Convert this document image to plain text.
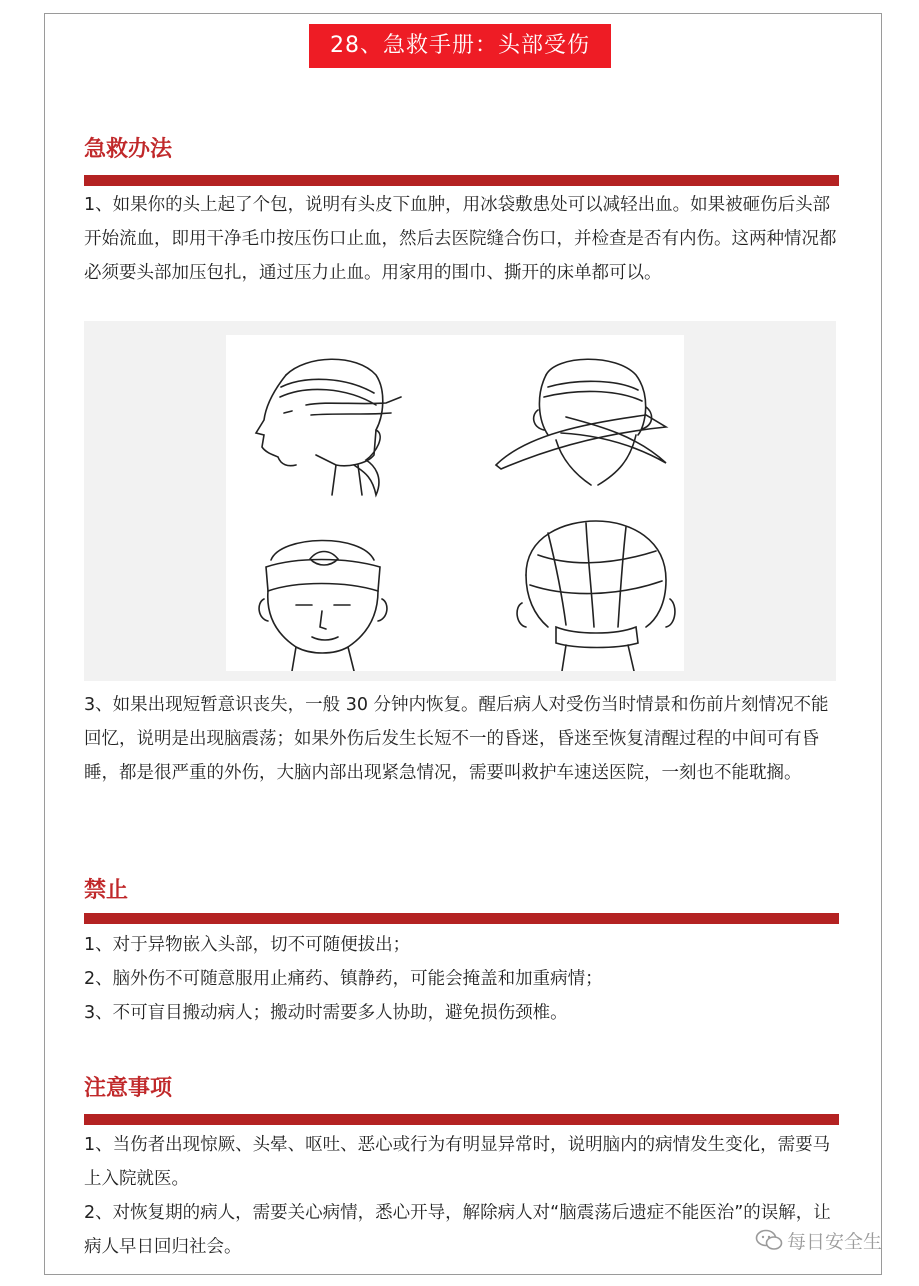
28、急救手册：头部受伤
急救办法

1、如果你的头上起了个包，说明有头皮下血肿，用冰袋敷患处可以减轻出血。如果被砸伤后头部开始流血，即用干净毛巾按压伤口止血，然后去医院缝合伤口，并检查是否有内伤。这两种情况都必须要头部加压包扎，通过压力止血。用家用的围巾、撕开的床单都可以。

3、如果出现短暂意识丧失，一般 30 分钟内恢复。醒后病人对受伤当时情景和伤前片刻情况不能回忆，说明是出现脑震荡；如果外伤后发生长短不一的昏迷，昏迷至恢复清醒过程的中间可有昏睡，都是很严重的外伤，大脑内部出现紧急情况，需要叫救护车速送医院，一刻也不能耽搁。

禁止

1、对于异物嵌入头部，切不可随便拔出；

2、脑外伤不可随意服用止痛药、镇静药，可能会掩盖和加重病情；

3、不可盲目搬动病人；搬动时需要多人协助，避免损伤颈椎。

注意事项

1、当伤者出现惊厥、头晕、呕吐、恶心或行为有明显异常时，说明脑内的病情发生变化，需要马上入院就医。

2、对恢复期的病人，需要关心病情，悉心开导，解除病人对“脑震荡后遗症不能医治”的误解，让病人早日回归社会。	每日安全生
